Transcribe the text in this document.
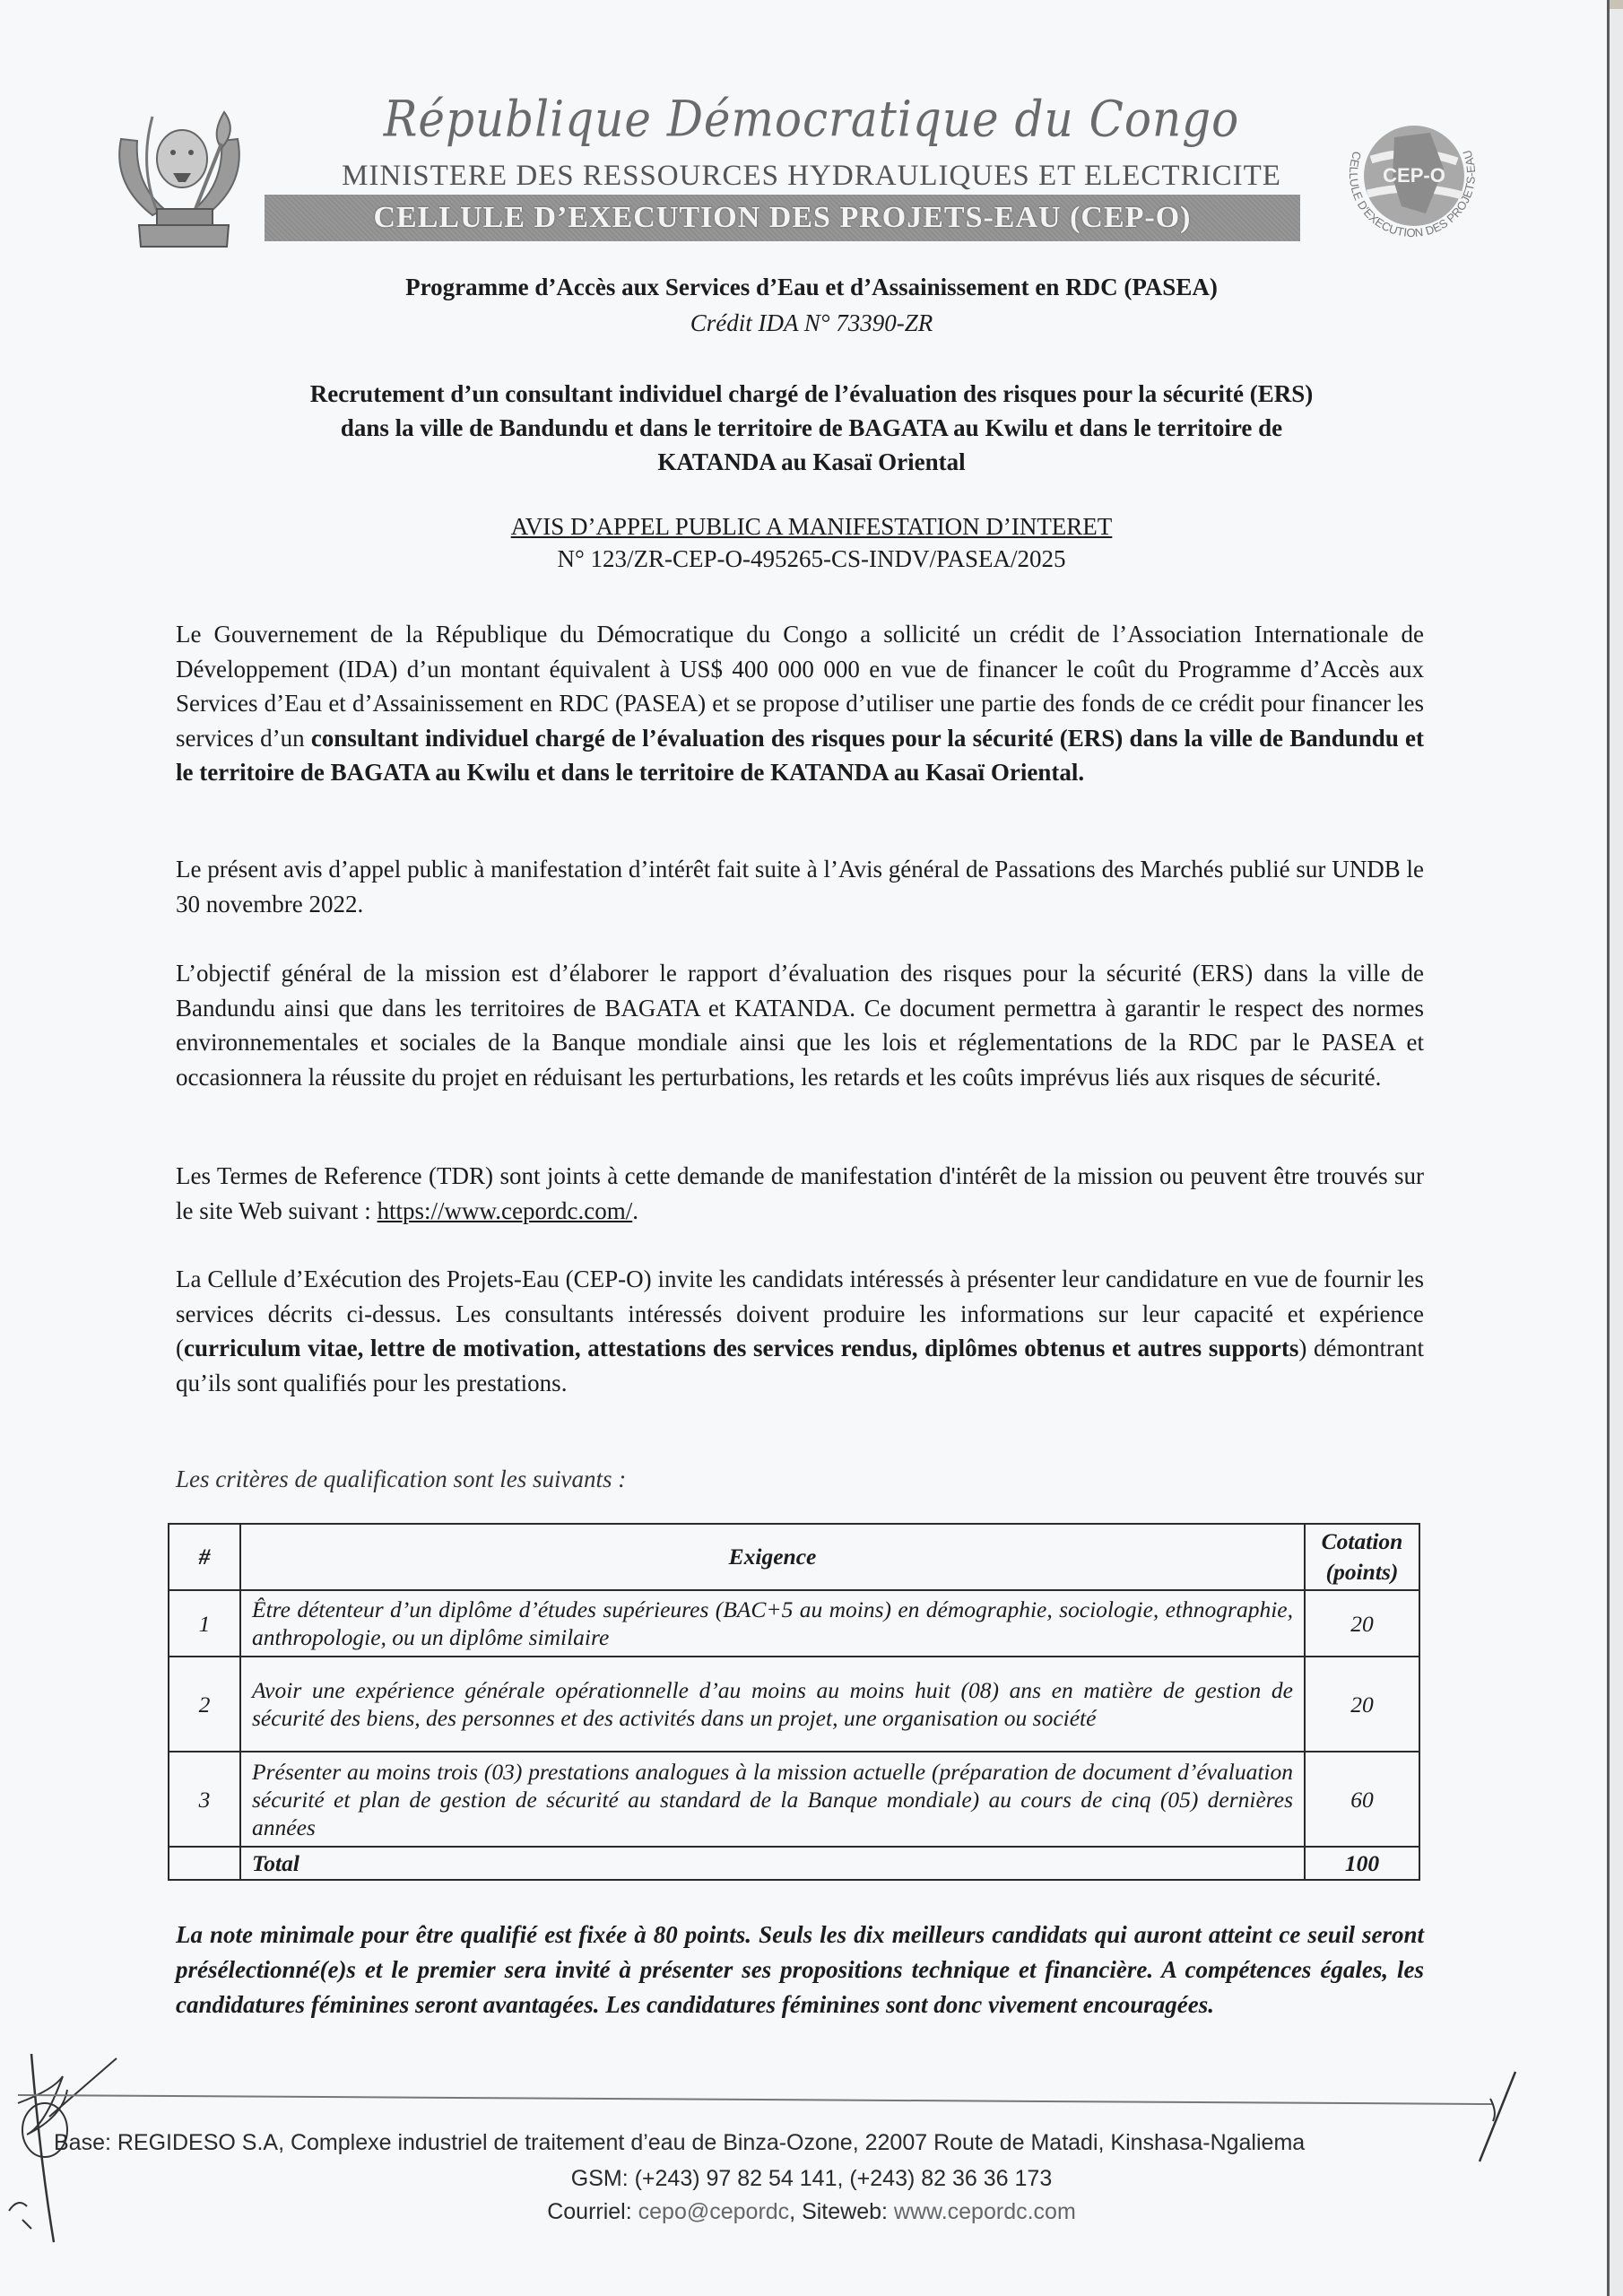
République Démocratique du Congo
MINISTERE DES RESSOURCES HYDRAULIQUES ET ELECTRICITE
CELLULE D’EXECUTION DES PROJETS-EAU (CEP-O)
CEP-O
CELLULE D'EXECUTION DES PROJETS-EAU
Programme d’Accès aux Services d’Eau et d’Assainissement en RDC (PASEA)
Crédit IDA N° 73390-ZR
Recrutement d’un consultant individuel chargé de l’évaluation des risques pour la sécurité (ERS)
dans la ville de Bandundu et dans le territoire de BAGATA au Kwilu et dans le territoire de
KATANDA au Kasaï Oriental
AVIS D’APPEL PUBLIC A MANIFESTATION D’INTERET
N° 123/ZR-CEP-O-495265-CS-INDV/PASEA/2025

Le Gouvernement de la République du Démocratique du Congo a sollicité un crédit de l’Association Internationale de Développement (IDA) d’un montant équivalent à US$ 400 000 000 en vue de financer le coût du Programme d’Accès aux Services d’Eau et d’Assainissement en RDC (PASEA) et se propose d’utiliser une partie des fonds de ce crédit pour financer les services d’un consultant individuel chargé de l’évaluation des risques pour la sécurité (ERS) dans la ville de Bandundu et le territoire de BAGATA au Kwilu et dans le territoire de KATANDA au Kasaï Oriental.

Le présent avis d’appel public à manifestation d’intérêt fait suite à l’Avis général de Passations des Marchés publié sur UNDB le 30 novembre 2022.

L’objectif général de la mission est d’élaborer le rapport d’évaluation des risques pour la sécurité (ERS) dans la ville de Bandundu ainsi que dans les territoires de BAGATA et KATANDA. Ce document permettra à garantir le respect des normes environnementales et sociales de la Banque mondiale ainsi que les lois et réglementations de la RDC par le PASEA et occasionnera la réussite du projet en réduisant les perturbations, les retards et les coûts imprévus liés aux risques de sécurité.

Les Termes de Reference (TDR) sont joints à cette demande de manifestation d'intérêt de la mission ou peuvent être trouvés sur le site Web suivant : https://www.cepordc.com/.

La Cellule d’Exécution des Projets-Eau (CEP-O) invite les candidats intéressés à présenter leur candidature en vue de fournir les services décrits ci-dessus. Les consultants intéressés doivent produire les informations sur leur capacité et expérience (curriculum vitae, lettre de motivation, attestations des services rendus, diplômes obtenus et autres supports) démontrant qu’ils sont qualifiés pour les prestations.

Les critères de qualification sont les suivants :
#	Exigence	Cotation (points)
1	Être détenteur d’un diplôme d’études supérieures (BAC+5 au moins) en démographie, sociologie, ethnographie, anthropologie, ou un diplôme similaire	20
2	Avoir une expérience générale opérationnelle d’au moins au moins huit (08) ans en matière de gestion de sécurité des biens, des personnes et des activités dans un projet, une organisation ou société	20
3	Présenter au moins trois (03) prestations analogues à la mission actuelle (préparation de document d’évaluation sécurité et plan de gestion de sécurité au standard de la Banque mondiale) au cours de cinq (05) dernières années	60
	Total	100

La note minimale pour être qualifié est fixée à 80 points. Seuls les dix meilleurs candidats qui auront atteint ce seuil seront présélectionné(e)s et le premier sera invité à présenter ses propositions technique et financière. A compétences égales, les candidatures féminines seront avantagées. Les candidatures féminines sont donc vivement encouragées.

Base: REGIDESO S.A, Complexe industriel de traitement d’eau de Binza-Ozone, 22007 Route de Matadi, Kinshasa-Ngaliema
GSM: (+243) 97 82 54 141, (+243) 82 36 36 173
Courriel: cepo@cepordc, Siteweb: www.cepordc.com
